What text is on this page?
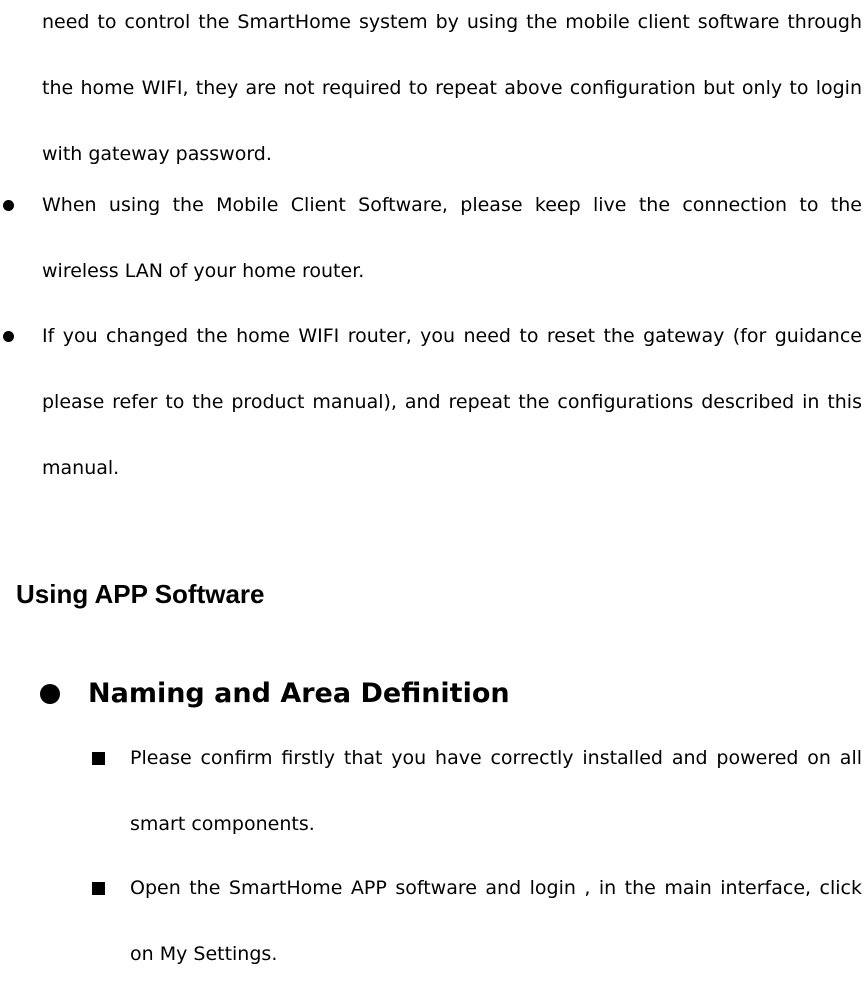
need to control the SmartHome system by using the mobile client software through the home WIFI, they are not required to repeat above configuration but only to login with gateway password.

When using the Mobile Client Software, please keep live the connection to the wireless LAN of your home router.

If you changed the home WIFI router, you need to reset the gateway (for guidance please refer to the product manual), and repeat the configurations described in this manual.

Using APP Software
Naming and Area Definition

Please confirm firstly that you have correctly installed and powered on all smart components.

Open the SmartHome APP software and login , in the main interface, click on My Settings.
